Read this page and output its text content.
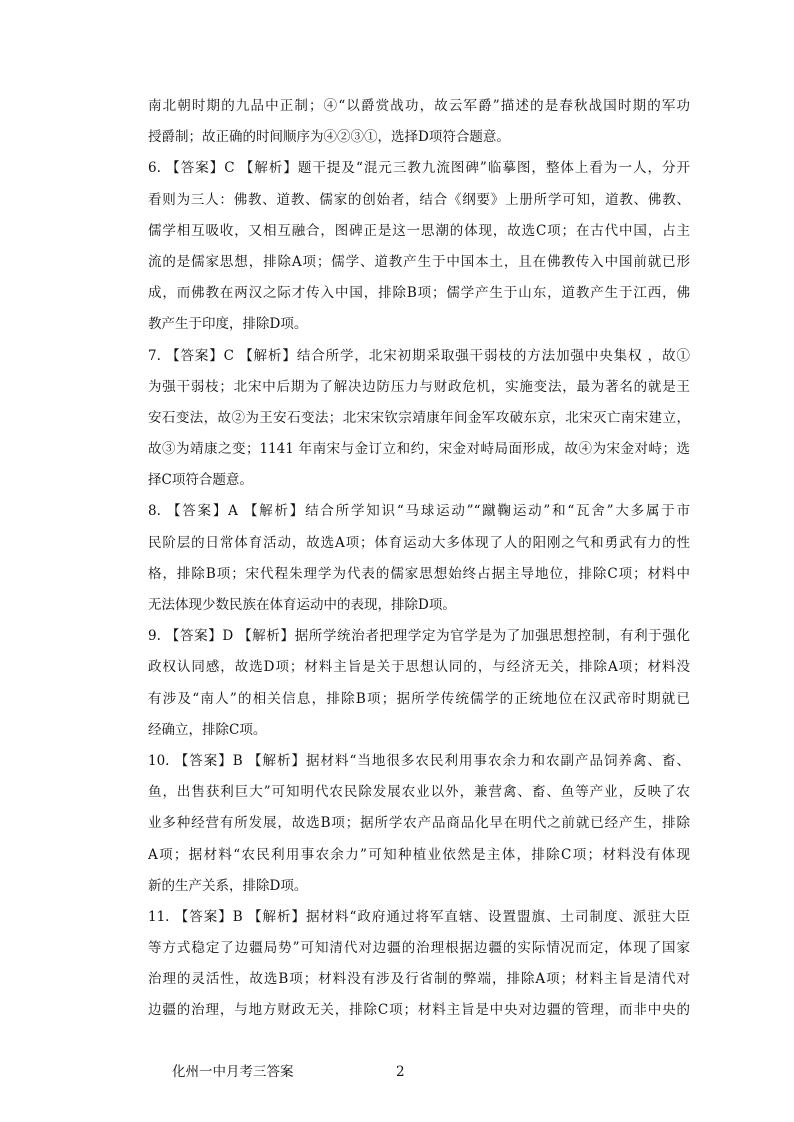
南北朝时期的九品中正制；④“以爵赏战功，故云军爵”描述的是春秋战国时期的军功
授爵制；故正确的时间顺序为④②③①，选择D项符合题意。
6. 【答案】C 【解析】题干提及“混元三教九流图碑”临摹图，整体上看为一人，分开
看则为三人：佛教、道教、儒家的创始者，结合《纲要》上册所学可知，道教、佛教、
儒学相互吸收，又相互融合，图碑正是这一思潮的体现，故选C项；在古代中国，占主
流的是儒家思想，排除A项；儒学、道教产生于中国本土，且在佛教传入中国前就已形
成，而佛教在两汉之际才传入中国，排除B项；儒学产生于山东，道教产生于江西，佛
教产生于印度，排除D项。
7. 【答案】C 【解析】结合所学，北宋初期采取强干弱枝的方法加强中央集权 ，故①
为强干弱枝；北宋中后期为了解决边防压力与财政危机，实施变法，最为著名的就是王
安石变法，故②为王安石变法；北宋宋钦宗靖康年间金军攻破东京，北宋灭亡南宋建立，
故③为靖康之变；1141 年南宋与金订立和约，宋金对峙局面形成，故④为宋金对峙；选
择C项符合题意。
8. 【答案】A 【解析】结合所学知识“马球运动”“蹴鞠运动”和“瓦舍”大多属于市
民阶层的日常体育活动，故选A项；体育运动大多体现了人的阳刚之气和勇武有力的性
格，排除B项；宋代程朱理学为代表的儒家思想始终占据主导地位，排除C项；材料中
无法体现少数民族在体育运动中的表现，排除D项。
9. 【答案】D 【解析】据所学统治者把理学定为官学是为了加强思想控制，有利于强化
政权认同感，故选D项；材料主旨是关于思想认同的，与经济无关，排除A项；材料没
有涉及“南人”的相关信息，排除B项；据所学传统儒学的正统地位在汉武帝时期就已
经确立，排除C项。
10. 【答案】B 【解析】据材料“当地很多农民利用事农余力和农副产品饲养禽、畜、
鱼，出售获利巨大”可知明代农民除发展农业以外，兼营禽、畜、鱼等产业，反映了农
业多种经营有所发展，故选B项；据所学农产品商品化早在明代之前就已经产生，排除
A项；据材料“农民利用事农余力”可知种植业依然是主体，排除C项；材料没有体现
新的生产关系，排除D项。
11. 【答案】B 【解析】据材料“政府通过将军直辖、设置盟旗、土司制度、派驻大臣
等方式稳定了边疆局势”可知清代对边疆的治理根据边疆的实际情况而定，体现了国家
治理的灵活性，故选B项；材料没有涉及行省制的弊端，排除A项；材料主旨是清代对
边疆的治理，与地方财政无关，排除C项；材料主旨是中央对边疆的管理，而非中央的
化州一中月考三答案	2
